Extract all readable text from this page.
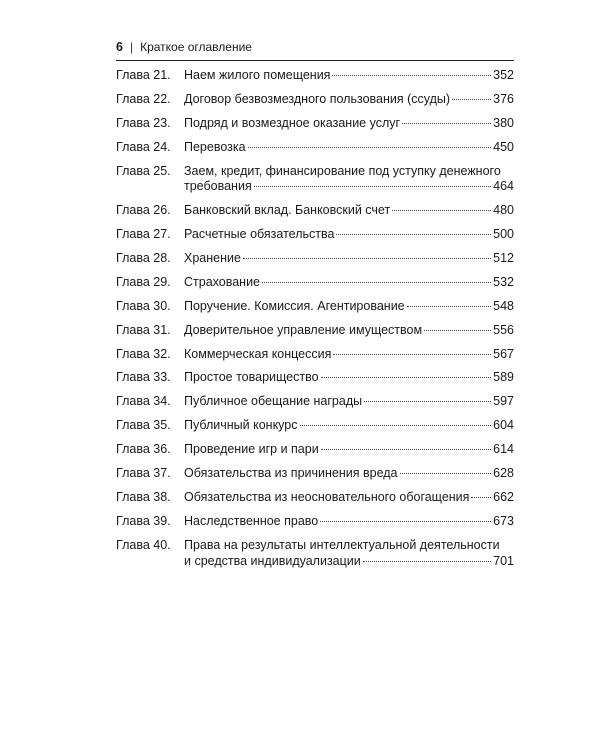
6 | Краткое оглавление
Глава 21.	Наем жилого помещения	352
Глава 22.	Договор безвозмездного пользования (ссуды)	376
Глава 23.	Подряд и возмездное оказание услуг	380
Глава 24.	Перевозка	450
Глава 25.	Заем, кредит, финансирование под уступку денежного
требования	464
Глава 26.	Банковский вклад. Банковский счет	480
Глава 27.	Расчетные обязательства	500
Глава 28.	Хранение	512
Глава 29.	Страхование	532
Глава 30.	Поручение. Комиссия. Агентирование	548
Глава 31.	Доверительное управление имуществом	556
Глава 32.	Коммерческая концессия	567
Глава 33.	Простое товарищество	589
Глава 34.	Публичное обещание награды	597
Глава 35.	Публичный конкурс	604
Глава 36.	Проведение игр и пари	614
Глава 37.	Обязательства из причинения вреда	628
Глава 38.	Обязательства из неосновательного обогащения 662
Глава 39.	Наследственное право	673
Глава 40.	Права на результаты интеллектуальной деятельности
и средства индивидуализации	701
